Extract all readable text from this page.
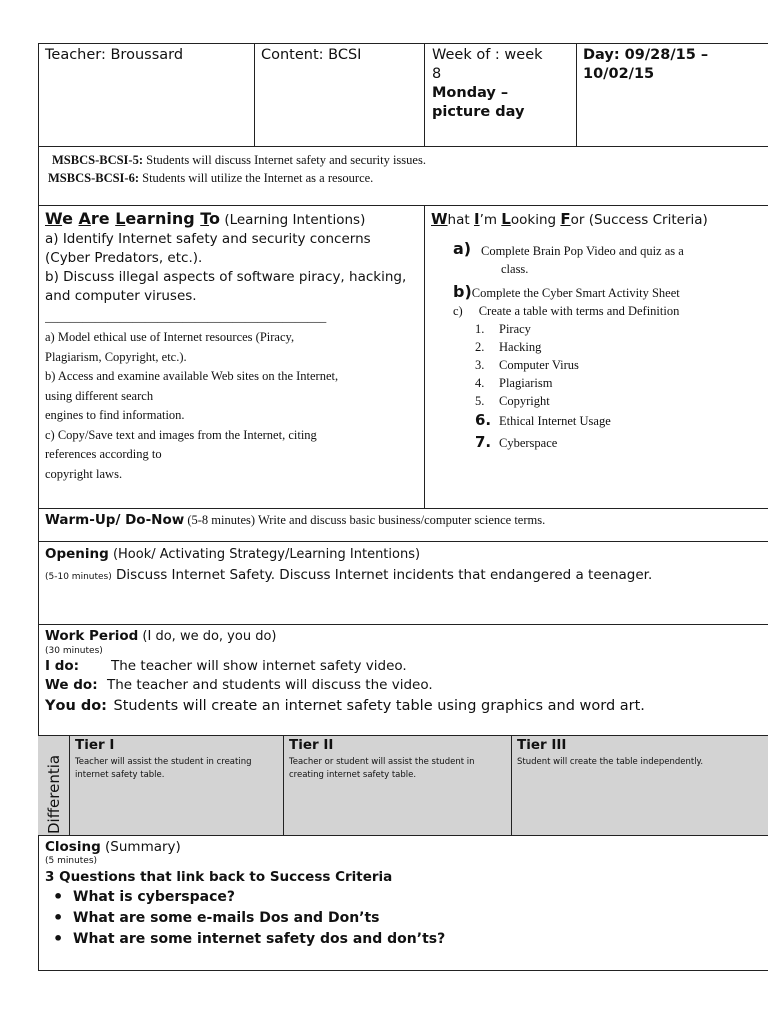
Teacher: Broussard	Content: BCSI	Week of : week
8
Monday –
picture day
Day: 09/28/15 –
10/02/15
MSBCS-BCSI-5: Students will discuss Internet safety and security issues.
MSBCS-BCSI-6: Students will utilize the Internet as a resource.
We Are Learning To (Learning Intentions)
a) Identify Internet safety and security concerns
(Cyber Predators, etc.).
b) Discuss illegal aspects of software piracy, hacking,
and computer viruses.
_____________________________________________
a) Model ethical use of Internet resources (Piracy,
Plagiarism, Copyright, etc.).
b) Access and examine available Web sites on the Internet,
using different search
engines to find information.
c) Copy/Save text and images from the Internet, citing
references according to
copyright laws.
What I’m Looking For (Success Criteria)
a) Complete Brain Pop Video and quiz as a
class.
b)Complete the Cyber Smart Activity Sheet
c) Create a table with terms and Definition
1. Piracy
2. Hacking
3. Computer Virus
4. Plagiarism
5. Copyright
6. Ethical Internet Usage
7. Cyberspace
Warm-Up/ Do-Now (5-8 minutes) Write and discuss basic business/computer science terms.
Opening (Hook/ Activating Strategy/Learning Intentions)
(5-10 minutes) Discuss Internet Safety. Discuss Internet incidents that endangered a teenager.
Work Period (I do, we do, you do)
(30 minutes)
I do: The teacher will show internet safety video.
We do: The teacher and students will discuss the video.
You do: Students will create an internet safety table using graphics and word art.
Differentia
Tier I
Teacher will assist the student in creating internet safety table.
Tier II
Teacher or student will assist the student in creating internet safety table.
Tier III
Student will create the table independently.
Closing (Summary)
(5 minutes)
3 Questions that link back to Success Criteria
• What is cyberspace?
• What are some e-mails Dos and Don’ts
• What are some internet safety dos and don’ts?
